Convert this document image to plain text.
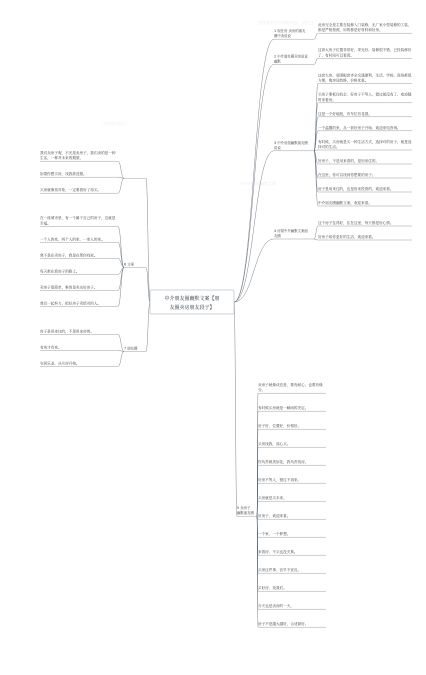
想要获取更多精彩内容，请关注：
中介朋友圈幽默文案
卖房朋友段子
此房完全是主要在装修入门装修，无厂家小型装修的工装，
都是严格按照，用的都是好材料和好房。
1 现在房 卖房的朋友
圈中卖说说
这套大房子位置非常好，采光好，装修很不错，已经装修好
了，有时间可以看看。
2 中介朋友圈卖房说说
幽默
这套大房，周围配套齐全交通便利，生活，学校，商场都很
方便，购房送装修，价格优惠。
买房子要抓住机会，好房子不等人，错过就没有了，欢迎随
时来看房。
这是一个好地段，有车位有花园。
一个温馨的家，从一套好房子开始，欢迎来电咨询。
有时候，买房就是买一种生活方式，选择对的房子，就是选
择对的生活。
好房子，不是用来看的，是用来住的。
在这里，你可以找到你想要的房子。
房子是用来住的，也是用来投资的，欢迎来看。
中介朋友圈幽默文案，欢迎来看。
3 中介房屋幽默朋友圈
说说
这个房子住得好，住在这里，每天都是好心情。
好房子给你更好的生活，欢迎来看。
4 房屋中介幽默文案朋
友圈
卖房子就像谈恋爱，要有耐心，也要有缘
分。
有时候买房就是一瞬间的决定。
房子好，位置好，价格好。
买房找我，放心买。
你负责貌美如花，我负责找房。
好房不等人，错过不再来。
买房就是买未来。
好房子，欢迎来看。
一个家，一个梦想。
来看房，不买也没关系。
买房这件事，宜早不宜迟。
买好房，找我们。
今天也是卖房的一天。
房子不是越大越好，合适最好。
5 卖房子
幽默朋友圈
我们卖房子呢，不光是卖房子，我们卖的是一种
生活，一种对未来的期望。
如果你想买房，找我准没错。
买房就像找对象，一定要看好了再买。
在一座城市里，有一个属于自己的房子，这就是
幸福。
一个人的家，两个人的家，一家人的家。
我不是在卖房子，我是在帮你找家。
每天都在看房子的路上。
卖房子很简单，难的是卖出好房子。
我们一起努力，把好房子卖给对的人。
6 文案
房子是用来住的，不是用来炒的。
有房才有家。
安居乐业，从买房开始。
7 朋友圈
中介朋友圈幽默文案【朋
友圈卖房朋友段子】
